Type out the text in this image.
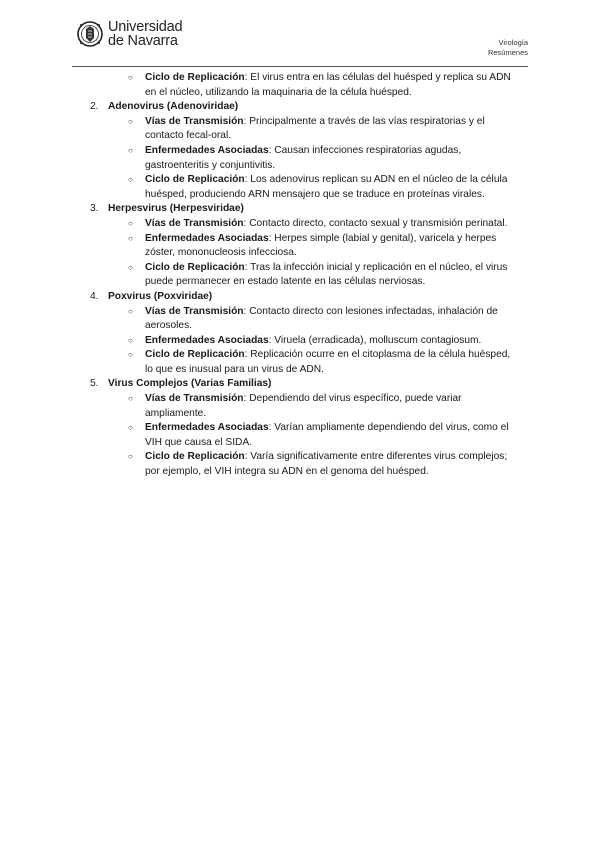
Universidad
de Navarra	Virología
Resúmenes
○ Ciclo de Replicación: El virus entra en las células del huésped y replica su ADN en el núcleo, utilizando la maquinaria de la célula huésped.
2. Adenovirus (Adenoviridae)
○ Vías de Transmisión: Principalmente a través de las vías respiratorias y el contacto fecal-oral.
○ Enfermedades Asociadas: Causan infecciones respiratorias agudas, gastroenteritis y conjuntivitis.
○ Ciclo de Replicación: Los adenovirus replican su ADN en el núcleo de la célula huésped, produciendo ARN mensajero que se traduce en proteínas virales.
3. Herpesvirus (Herpesviridae)
○ Vías de Transmisión: Contacto directo, contacto sexual y transmisión perinatal.
○ Enfermedades Asociadas: Herpes simple (labial y genital), varicela y herpes zóster, mononucleosis infecciosa.
○ Ciclo de Replicación: Tras la infección inicial y replicación en el núcleo, el virus puede permanecer en estado latente en las células nerviosas.
4. Poxvirus (Poxviridae)
○ Vías de Transmisión: Contacto directo con lesiones infectadas, inhalación de aerosoles.
○ Enfermedades Asociadas: Viruela (erradicada), molluscum contagiosum.
○ Ciclo de Replicación: Replicación ocurre en el citoplasma de la célula huésped, lo que es inusual para un virus de ADN.
5. Virus Complejos (Varias Familias)
○ Vías de Transmisión: Dependiendo del virus específico, puede variar ampliamente.
○ Enfermedades Asociadas: Varían ampliamente dependiendo del virus, como el VIH que causa el SIDA.
○ Ciclo de Replicación: Varía significativamente entre diferentes virus complejos; por ejemplo, el VIH integra su ADN en el genoma del huésped.
